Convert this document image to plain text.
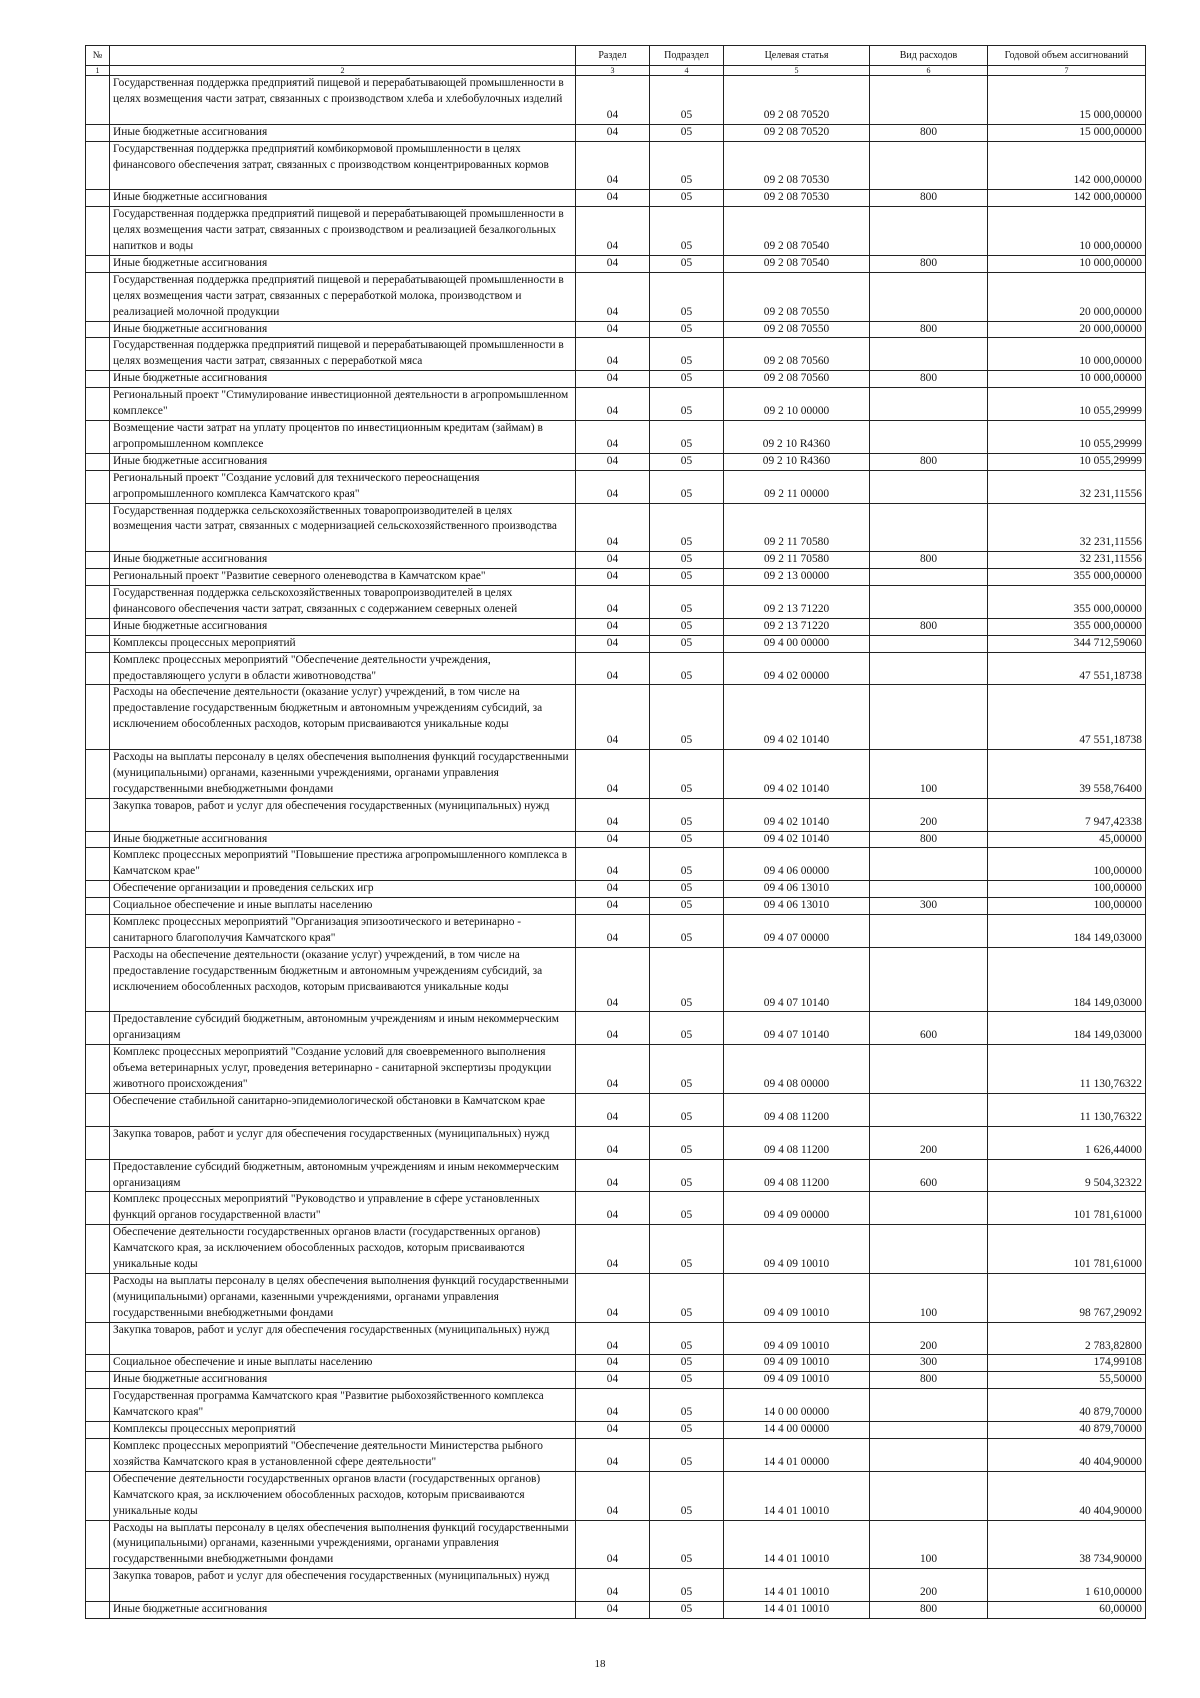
№		Раздел	Подраздел	Целевая статья	Вид расходов	Годовой объем ассигнований
1	2	3	4	5	6	7
	Государственная поддержка предприятий пищевой и перерабатывающей промышленности в целях возмещения части затрат, связанных с производством хлеба и хлебобулочных изделий	04	05	09 2 08 70520		15 000,00000
	Иные бюджетные ассигнования	04	05	09 2 08 70520	800	15 000,00000
	Государственная поддержка предприятий комбикормовой промышленности в целях финансового обеспечения затрат, связанных с производством концентрированных кормов	04	05	09 2 08 70530		142 000,00000
	Иные бюджетные ассигнования	04	05	09 2 08 70530	800	142 000,00000
	Государственная поддержка предприятий пищевой и перерабатывающей промышленности в целях возмещения части затрат, связанных с производством и реализацией безалкогольных напитков и воды	04	05	09 2 08 70540		10 000,00000
	Иные бюджетные ассигнования	04	05	09 2 08 70540	800	10 000,00000
	Государственная поддержка предприятий пищевой и перерабатывающей промышленности в целях возмещения части затрат, связанных с переработкой молока, производством и реализацией молочной продукции	04	05	09 2 08 70550		20 000,00000
	Иные бюджетные ассигнования	04	05	09 2 08 70550	800	20 000,00000
	Государственная поддержка предприятий пищевой и перерабатывающей промышленности в целях возмещения части затрат, связанных с переработкой мяса	04	05	09 2 08 70560		10 000,00000
	Иные бюджетные ассигнования	04	05	09 2 08 70560	800	10 000,00000
	Региональный проект "Стимулирование инвестиционной деятельности в агропромышленном комплексе"	04	05	09 2 10 00000		10 055,29999
	Возмещение части затрат на уплату процентов по инвестиционным кредитам (займам) в агропромышленном комплексе	04	05	09 2 10 R4360		10 055,29999
	Иные бюджетные ассигнования	04	05	09 2 10 R4360	800	10 055,29999
	Региональный проект "Создание условий для технического переоснащения агропромышленного комплекса Камчатского края"	04	05	09 2 11 00000		32 231,11556
	Государственная поддержка сельскохозяйственных товаропроизводителей в целях возмещения части затрат, связанных с модернизацией сельскохозяйственного производства	04	05	09 2 11 70580		32 231,11556
	Иные бюджетные ассигнования	04	05	09 2 11 70580	800	32 231,11556
	Региональный проект "Развитие северного оленеводства в Камчатском крае"	04	05	09 2 13 00000		355 000,00000
	Государственная поддержка сельскохозяйственных товаропроизводителей в целях финансового обеспечения части затрат, связанных с содержанием северных оленей	04	05	09 2 13 71220		355 000,00000
	Иные бюджетные ассигнования	04	05	09 2 13 71220	800	355 000,00000
	Комплексы процессных мероприятий	04	05	09 4 00 00000		344 712,59060
	Комплекс процессных мероприятий "Обеспечение деятельности учреждения, предоставляющего услуги в области животноводства"	04	05	09 4 02 00000		47 551,18738
	Расходы на обеспечение деятельности (оказание услуг) учреждений, в том числе на предоставление государственным бюджетным и автономным учреждениям субсидий, за исключением обособленных расходов, которым присваиваются уникальные коды	04	05	09 4 02 10140		47 551,18738
	Расходы на выплаты персоналу в целях обеспечения выполнения функций государственными (муниципальными) органами, казенными учреждениями, органами управления государственными внебюджетными фондами	04	05	09 4 02 10140	100	39 558,76400
	Закупка товаров, работ и услуг для обеспечения государственных (муниципальных) нужд	04	05	09 4 02 10140	200	7 947,42338
	Иные бюджетные ассигнования	04	05	09 4 02 10140	800	45,00000
	Комплекс процессных мероприятий "Повышение престижа агропромышленного комплекса в Камчатском крае"	04	05	09 4 06 00000		100,00000
	Обеспечение организации и проведения сельских игр	04	05	09 4 06 13010		100,00000
	Социальное обеспечение и иные выплаты населению	04	05	09 4 06 13010	300	100,00000
	Комплекс процессных мероприятий "Организация эпизоотического и ветеринарно - санитарного благополучия Камчатского края"	04	05	09 4 07 00000		184 149,03000
	Расходы на обеспечение деятельности (оказание услуг) учреждений, в том числе на предоставление государственным бюджетным и автономным учреждениям субсидий, за исключением обособленных расходов, которым присваиваются уникальные коды	04	05	09 4 07 10140		184 149,03000
	Предоставление субсидий бюджетным, автономным учреждениям и иным некоммерческим организациям	04	05	09 4 07 10140	600	184 149,03000
	Комплекс процессных мероприятий "Создание условий для своевременного выполнения объема ветеринарных услуг, проведения ветеринарно - санитарной экспертизы продукции животного происхождения"	04	05	09 4 08 00000		11 130,76322
	Обеспечение стабильной санитарно-эпидемиологической обстановки в Камчатском крае	04	05	09 4 08 11200		11 130,76322
	Закупка товаров, работ и услуг для обеспечения государственных (муниципальных) нужд	04	05	09 4 08 11200	200	1 626,44000
	Предоставление субсидий бюджетным, автономным учреждениям и иным некоммерческим организациям	04	05	09 4 08 11200	600	9 504,32322
	Комплекс процессных мероприятий "Руководство и управление в сфере установленных функций органов государственной власти"	04	05	09 4 09 00000		101 781,61000
	Обеспечение деятельности государственных органов власти (государственных органов) Камчатского края, за исключением обособленных расходов, которым присваиваются уникальные коды	04	05	09 4 09 10010		101 781,61000
	Расходы на выплаты персоналу в целях обеспечения выполнения функций государственными (муниципальными) органами, казенными учреждениями, органами управления государственными внебюджетными фондами	04	05	09 4 09 10010	100	98 767,29092
	Закупка товаров, работ и услуг для обеспечения государственных (муниципальных) нужд	04	05	09 4 09 10010	200	2 783,82800
	Социальное обеспечение и иные выплаты населению	04	05	09 4 09 10010	300	174,99108
	Иные бюджетные ассигнования	04	05	09 4 09 10010	800	55,50000
	Государственная программа Камчатского края "Развитие рыбохозяйственного комплекса Камчатского края"	04	05	14 0 00 00000		40 879,70000
	Комплексы процессных мероприятий	04	05	14 4 00 00000		40 879,70000
	Комплекс процессных мероприятий "Обеспечение деятельности Министерства рыбного хозяйства Камчатского края в установленной сфере деятельности"	04	05	14 4 01 00000		40 404,90000
	Обеспечение деятельности государственных органов власти (государственных органов) Камчатского края, за исключением обособленных расходов, которым присваиваются уникальные коды	04	05	14 4 01 10010		40 404,90000
	Расходы на выплаты персоналу в целях обеспечения выполнения функций государственными (муниципальными) органами, казенными учреждениями, органами управления государственными внебюджетными фондами	04	05	14 4 01 10010	100	38 734,90000
	Закупка товаров, работ и услуг для обеспечения государственных (муниципальных) нужд	04	05	14 4 01 10010	200	1 610,00000
	Иные бюджетные ассигнования	04	05	14 4 01 10010	800	60,00000
18
